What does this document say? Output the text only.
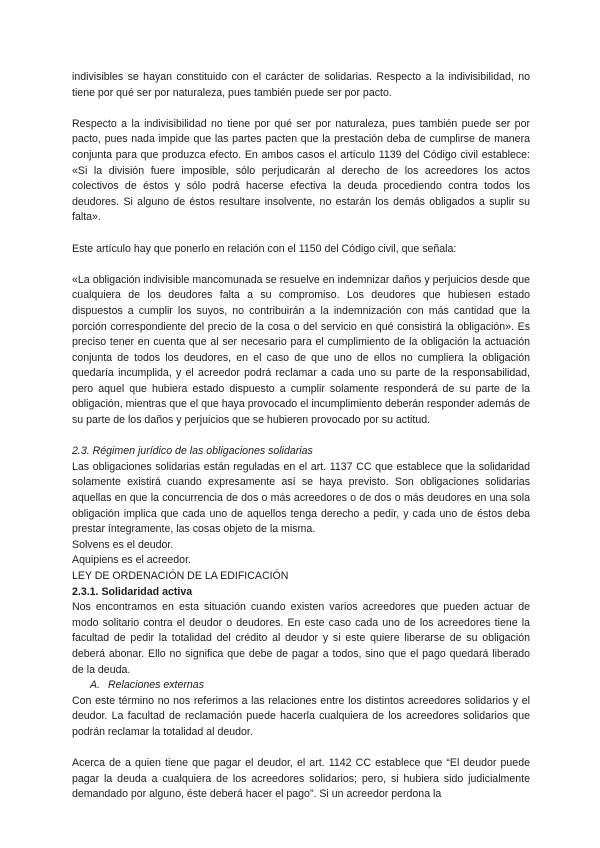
indivisibles se hayan constituido con el carácter de solidarias. Respecto a la indivisibilidad, no tiene por qué ser por naturaleza, pues también puede ser por pacto.

Respecto a la indivisibilidad no tiene por qué ser por naturaleza, pues también puede ser por pacto, pues nada impide que las partes pacten que la prestación deba de cumplirse de manera conjunta para que produzca efecto. En ambos casos el artículo 1139 del Código civil establece: «Si la división fuere imposible, sólo perjudicarán al derecho de los acreedores los actos colectivos de éstos y sólo podrá hacerse efectiva la deuda procediendo contra todos los deudores. Si alguno de éstos resultare insolvente, no estarán los demás obligados a suplir su falta».

Este artículo hay que ponerlo en relación con el 1150 del Código civil, que señala:

«La obligación indivisible mancomunada se resuelve en indemnizar daños y perjuicios desde que cualquiera de los deudores falta a su compromiso. Los deudores que hubiesen estado dispuestos a cumplir los suyos, no contribuirán a la indemnización con más cantidad que la porción correspondiente del precio de la cosa o del servicio en qué consistirá la obligación». Es preciso tener en cuenta que al ser necesario para el cumplimiento de la obligación la actuación conjunta de todos los deudores, en el caso de que uno de ellos no cumpliera la obligación quedaría incumplida, y el acreedor podrá reclamar a cada uno su parte de la responsabilidad, pero aquel que hubiera estado dispuesto a cumplir solamente responderá de su parte de la obligación, mientras que el que haya provocado el incumplimiento deberán responder además de su parte de los daños y perjuicios que se hubieren provocado por su actitud.

2.3. Régimen jurídico de las obligaciones solidarias

Las obligaciones solidarias están reguladas en el art. 1137 CC que establece que la solidaridad solamente existirá cuando expresamente así se haya previsto. Son obligaciones solidarias aquellas en que la concurrencia de dos o más acreedores o de dos o más deudores en una sola obligación implica que cada uno de aquellos tenga derecho a pedir, y cada uno de éstos deba prestar íntegramente, las cosas objeto de la misma.

Solvens es el deudor.

Aquipiens es el acreedor.

LEY DE ORDENACIÓN DE LA EDIFICACIÓN

2.3.1. Solidaridad activa

Nos encontramos en esta situación cuando existen varios acreedores que pueden actuar de modo solitario contra el deudor o deudores. En este caso cada uno de los acreedores tiene la facultad de pedir la totalidad del crédito al deudor y si este quiere liberarse de su obligación deberá abonar. Ello no significa que debe de pagar a todos, sino que el pago quedará liberado de la deuda.

A. Relaciones externas

Con este término no nos referimos a las relaciones entre los distintos acreedores solidarios y el deudor. La facultad de reclamación puede hacerla cualquiera de los acreedores solidarios que podrán reclamar la totalidad al deudor.

Acerca de a quien tiene que pagar el deudor, el art. 1142 CC establece que “El deudor puede pagar la deuda a cualquiera de los acreedores solidarios; pero, si hubiera sido judicialmente demandado por alguno, éste deberá hacer el pago”. Si un acreedor perdona la
